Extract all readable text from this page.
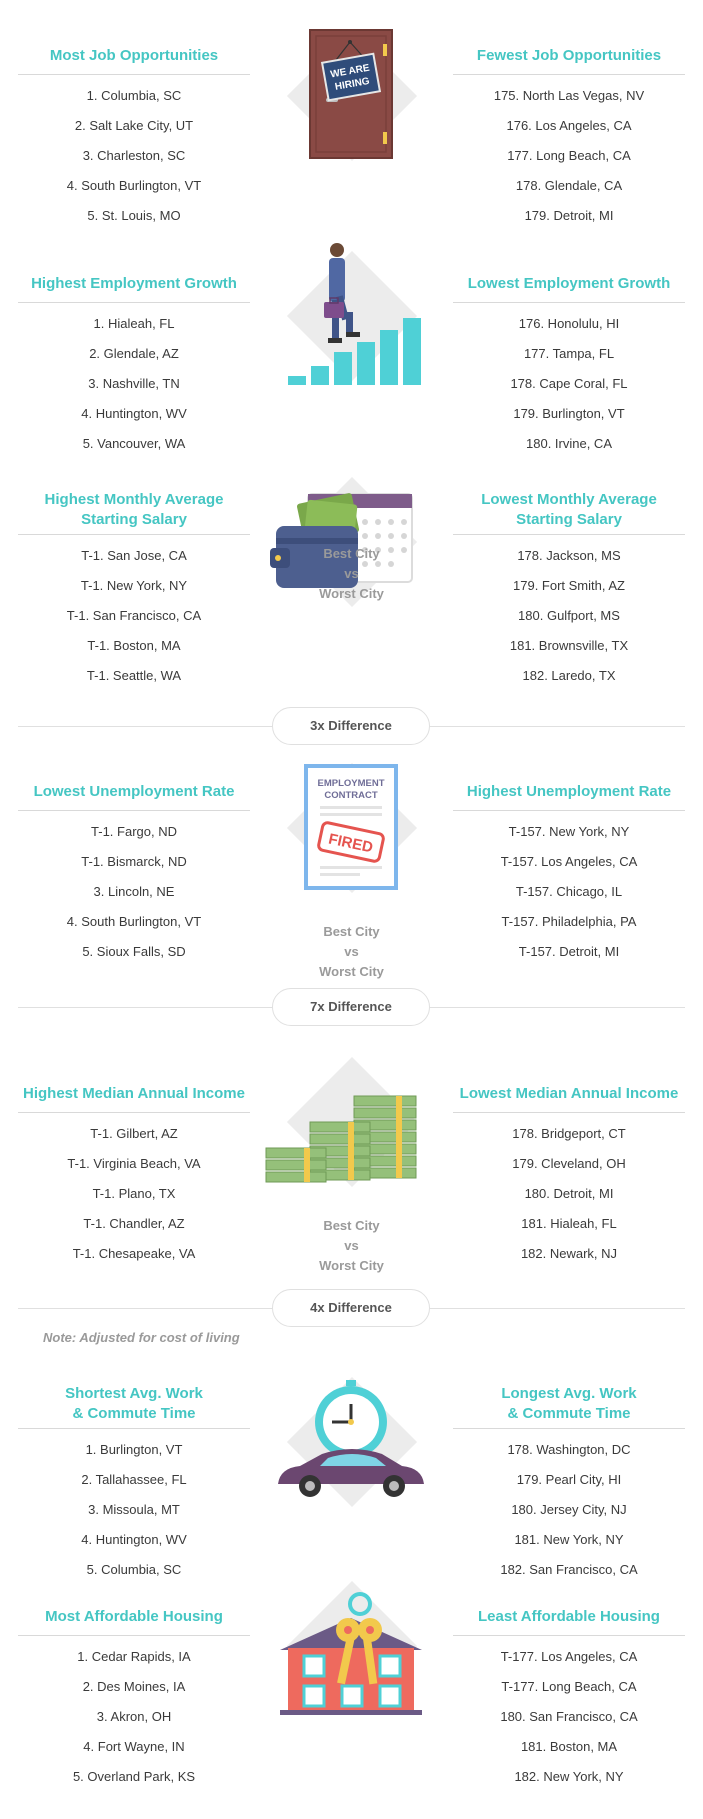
Most Job Opportunities
1. Columbia, SC
2. Salt Lake City, UT
3. Charleston, SC
4. South Burlington, VT
5. St. Louis, MO
Fewest Job Opportunities
175. North Las Vegas, NV
176. Los Angeles, CA
177. Long Beach, CA
178. Glendale, CA
179. Detroit, MI
WE ARE
HIRING
Highest Employment Growth
1. Hialeah, FL
2. Glendale, AZ
3. Nashville, TN
4. Huntington, WV
5. Vancouver, WA
Lowest Employment Growth
176. Honolulu, HI
177. Tampa, FL
178. Cape Coral, FL
179. Burlington, VT
180. Irvine, CA
Highest Monthly Average
Starting Salary
T-1. San Jose, CA
T-1. New York, NY
T-1. San Francisco, CA
T-1. Boston, MA
T-1. Seattle, WA
Lowest Monthly Average
Starting Salary
178. Jackson, MS
179. Fort Smith, AZ
180. Gulfport, MS
181. Brownsville, TX
182. Laredo, TX
Best City
vs
Worst City
3x Difference
Lowest Unemployment Rate
T-1. Fargo, ND
T-1. Bismarck, ND
3. Lincoln, NE
4. South Burlington, VT
5. Sioux Falls, SD
Highest Unemployment Rate
T-157. New York, NY
T-157. Los Angeles, CA
T-157. Chicago, IL
T-157. Philadelphia, PA
T-157. Detroit, MI
EMPLOYMENT
CONTRACT
FIRED
Best City
vs
Worst City
7x Difference
Highest Median Annual Income
T-1. Gilbert, AZ
T-1. Virginia Beach, VA
T-1. Plano, TX
T-1. Chandler, AZ
T-1. Chesapeake, VA
Lowest Median Annual Income
178. Bridgeport, CT
179. Cleveland, OH
180. Detroit, MI
181. Hialeah, FL
182. Newark, NJ
Best City
vs
Worst City
4x Difference
Note: Adjusted for cost of living
Shortest Avg. Work
& Commute Time
1. Burlington, VT
2. Tallahassee, FL
3. Missoula, MT
4. Huntington, WV
5. Columbia, SC
Longest Avg. Work
& Commute Time
178. Washington, DC
179. Pearl City, HI
180. Jersey City, NJ
181. New York, NY
182. San Francisco, CA
Most Affordable Housing
1. Cedar Rapids, IA
2. Des Moines, IA
3. Akron, OH
4. Fort Wayne, IN
5. Overland Park, KS
Least Affordable Housing
T-177. Los Angeles, CA
T-177. Long Beach, CA
180. San Francisco, CA
181. Boston, MA
182. New York, NY
